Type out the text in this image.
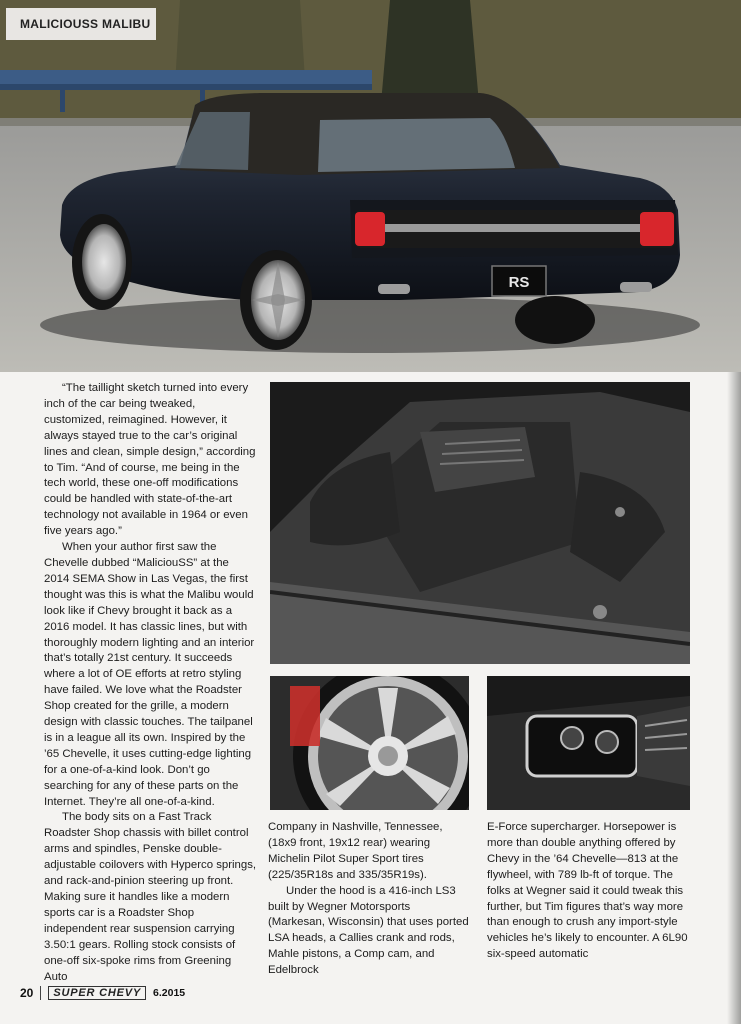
RS
MALICIOUSS MALIBU

“The taillight sketch turned into every inch of the car being tweaked, customized, reimagined. However, it always stayed true to the car’s original lines and clean, simple design,” according to Tim. “And of course, me being in the tech world, these one-off modifications could be handled with state-of-the-art technology not available in 1964 or even five years ago.”

When your author first saw the Chevelle dubbed “MaliciouSS” at the 2014 SEMA Show in Las Vegas, the first thought was this is what the Malibu would look like if Chevy brought it back as a 2016 model. It has classic lines, but with thoroughly modern lighting and an interior that’s totally 21st century. It succeeds where a lot of OE efforts at retro styling have failed. We love what the Roadster Shop created for the grille, a modern design with classic touches. The tailpanel is in a league all its own. Inspired by the ’65 Chevelle, it uses cutting-edge lighting for a one-of-a-kind look. Don’t go searching for any of these parts on the Internet. They’re all one-of-a-kind.

The body sits on a Fast Track Roadster Shop chassis with billet control arms and spindles, Penske double-adjustable coilovers with Hyperco springs, and rack-and-pinion steering up front. Making sure it handles like a modern sports car is a Roadster Shop independent rear suspension carrying 3.50:1 gears. Rolling stock consists of one-off six-spoke rims from Greening Auto

Company in Nashville, Tennessee, (18x9 front, 19x12 rear) wearing Michelin Pilot Super Sport tires (225/35R18s and 335/35R19s).

Under the hood is a 416-inch LS3 built by Wegner Motorsports (Markesan, Wisconsin) that uses ported LSA heads, a Callies crank and rods, Mahle pistons, a Comp cam, and Edelbrock

E-Force supercharger. Horsepower is more than double anything offered by Chevy in the ’64 Chevelle—813 at the flywheel, with 789 lb-ft of torque. The folks at Wegner said it could tweak this further, but Tim figures that’s way more than enough to crush any import-style vehicles he’s likely to encounter. A 6L90 six-speed automatic

20	SUPER CHEVY	6.2015
